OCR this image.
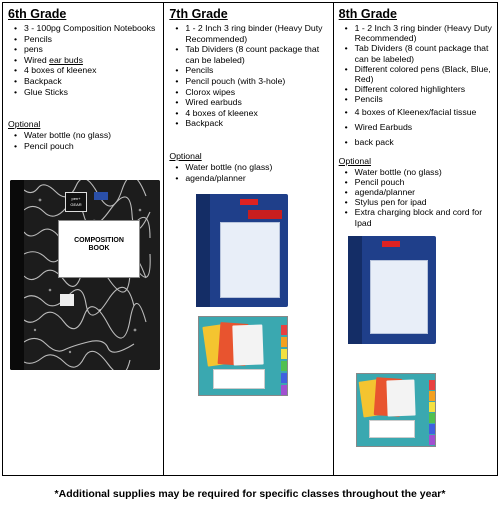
6th Grade
• 3 - 100pg Composition Notebooks
• Pencils
• pens
• Wired ear buds
• 4 boxes of kleenex
• Backpack
• Glue Sticks
Optional
• Water bottle (no glass)
• Pencil pouch
pen+ GEAR
COMPOSITION
BOOK
7th Grade
• 1 - 2 Inch 3 ring binder (Heavy Duty Recommended)
• Tab Dividers (8 count package that can be labeled)
• Pencils
• Pencil pouch (with 3-hole)
• Clorox wipes
• Wired earbuds
• 4 boxes of kleenex
• Backpack
Optional
• Water bottle (no glass)
• agenda/planner
8th Grade
• 1 - 2 Inch 3 ring binder (Heavy Duty Recommended)
• Tab Dividers (8 count package that can be labeled)
• Different colored pens (Black, Blue, Red)
• Different colored highlighters
• Pencils
• 4 boxes of Kleenex/facial tissue
• Wired Earbuds
• back pack
Optional
• Water bottle (no glass)
• Pencil pouch
• agenda/planner
• Stylus pen for ipad
• Extra charging block and cord for Ipad
*Additional supplies may be required for specific classes throughout the year*
